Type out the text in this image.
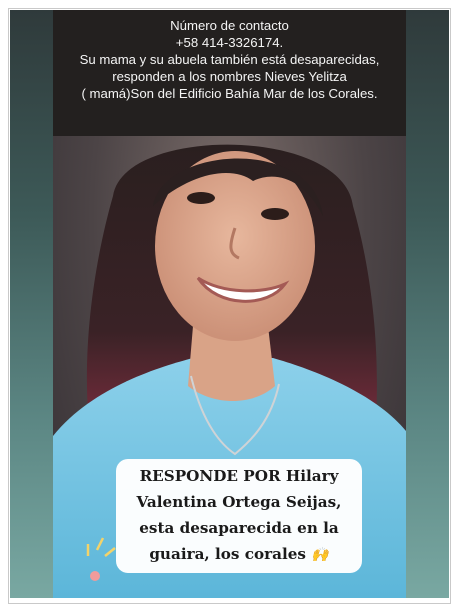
Número de contacto

+58 414-3326174.

Su mama y su abuela también está desaparecidas,

responden a los nombres Nieves Yelitza

( mamá)Son del Edificio Bahía Mar de los Corales.

RESPONDE POR Hilary
Valentina Ortega Seijas,
esta desaparecida en la
guaira, los corales 🙌
